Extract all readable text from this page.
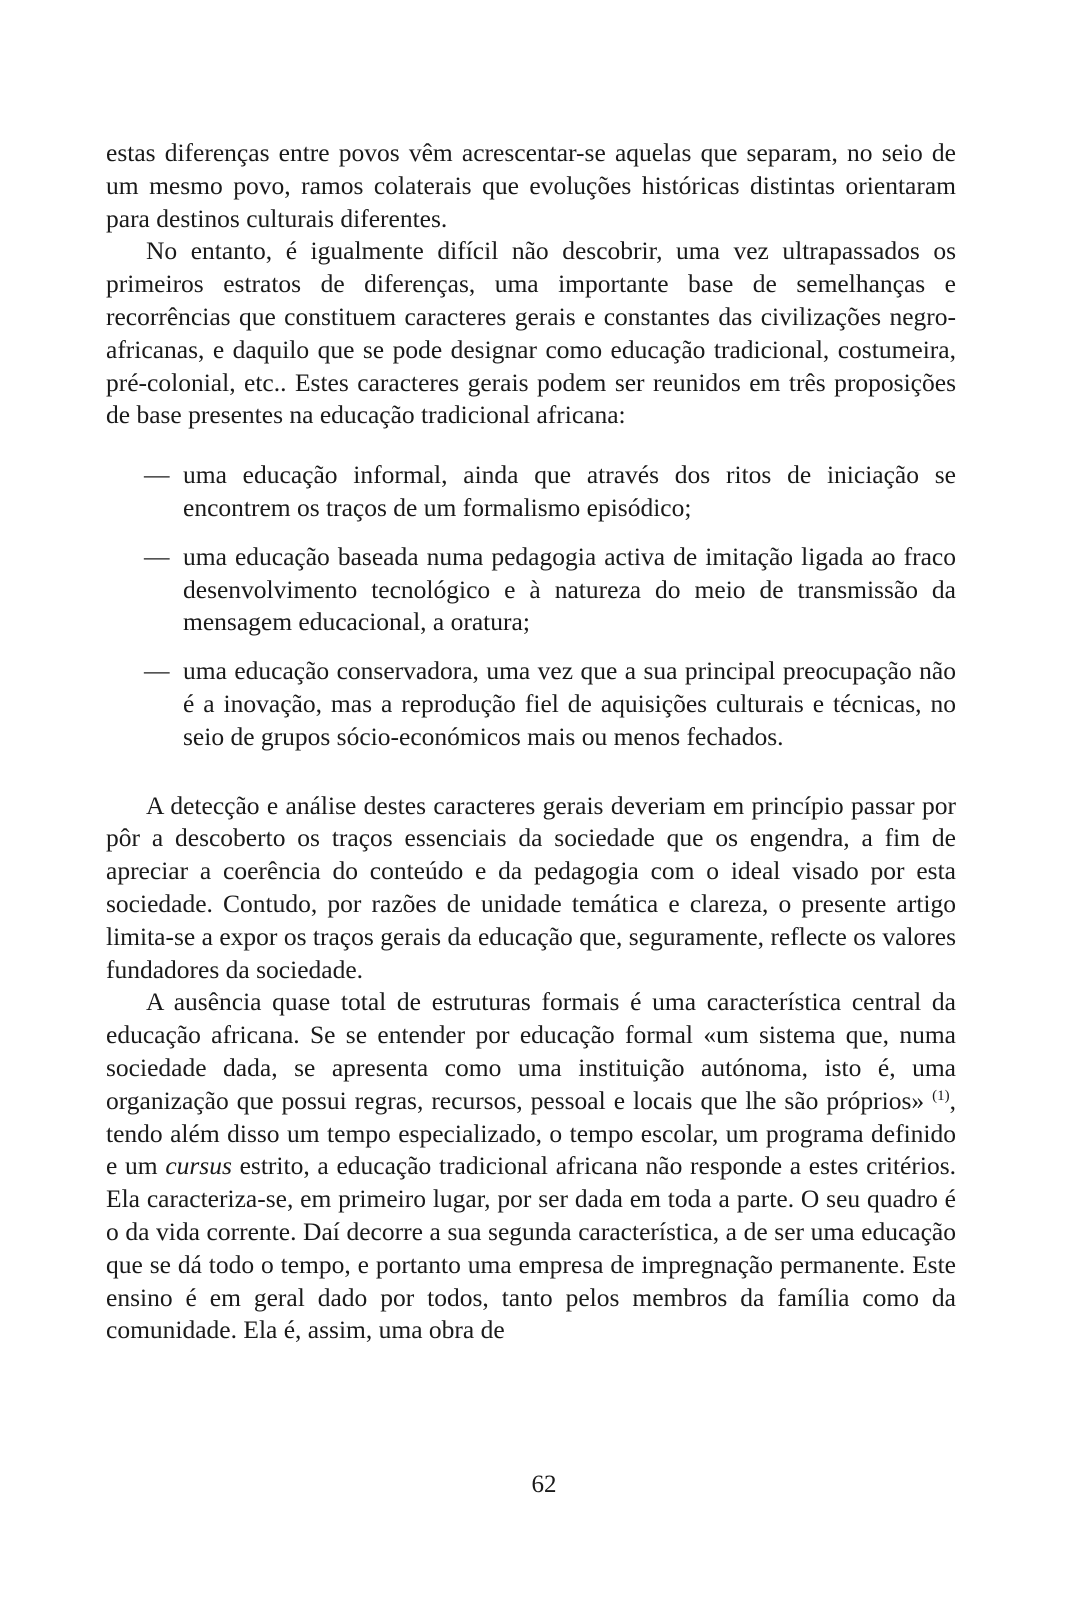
estas diferenças entre povos vêm acrescentar-se aquelas que separam, no seio de um mesmo povo, ramos colaterais que evoluções históricas distintas orientaram para destinos culturais diferentes.

No entanto, é igualmente difícil não descobrir, uma vez ultrapassados os primeiros estratos de diferenças, uma importante base de semelhanças e recorrências que constituem caracteres gerais e constantes das civilizações negro-africanas, e daquilo que se pode designar como educação tradicional, costumeira, pré-colonial, etc.. Estes caracteres gerais podem ser reunidos em três proposições de base presentes na educação tradicional africana:

— uma educação informal, ainda que através dos ritos de iniciação se encontrem os traços de um formalismo episódico;
— uma educação baseada numa pedagogia activa de imitação ligada ao fraco desenvolvimento tecnológico e à natureza do meio de transmissão da mensagem educacional, a oratura;
— uma educação conservadora, uma vez que a sua principal preocupação não é a inovação, mas a reprodução fiel de aquisições culturais e técnicas, no seio de grupos sócio-económicos mais ou menos fechados.

A detecção e análise destes caracteres gerais deveriam em princípio passar por pôr a descoberto os traços essenciais da sociedade que os engendra, a fim de apreciar a coerência do conteúdo e da pedagogia com o ideal visado por esta sociedade. Contudo, por razões de unidade temática e clareza, o presente artigo limita-se a expor os traços gerais da educação que, seguramente, reflecte os valores fundadores da sociedade.

A ausência quase total de estruturas formais é uma característica central da educação africana. Se se entender por educação formal «um sistema que, numa sociedade dada, se apresenta como uma instituição autónoma, isto é, uma organização que possui regras, recursos, pessoal e locais que lhe são próprios» $^{(1)}$, tendo além disso um tempo especializado, o tempo escolar, um programa definido e um cursus estrito, a educação tradicional africana não responde a estes critérios. Ela caracteriza-se, em primeiro lugar, por ser dada em toda a parte. O seu quadro é o da vida corrente. Daí decorre a sua segunda característica, a de ser uma educação que se dá todo o tempo, e portanto uma empresa de impregnação permanente. Este ensino é em geral dado por todos, tanto pelos membros da família como da comunidade. Ela é, assim, uma obra de

62
